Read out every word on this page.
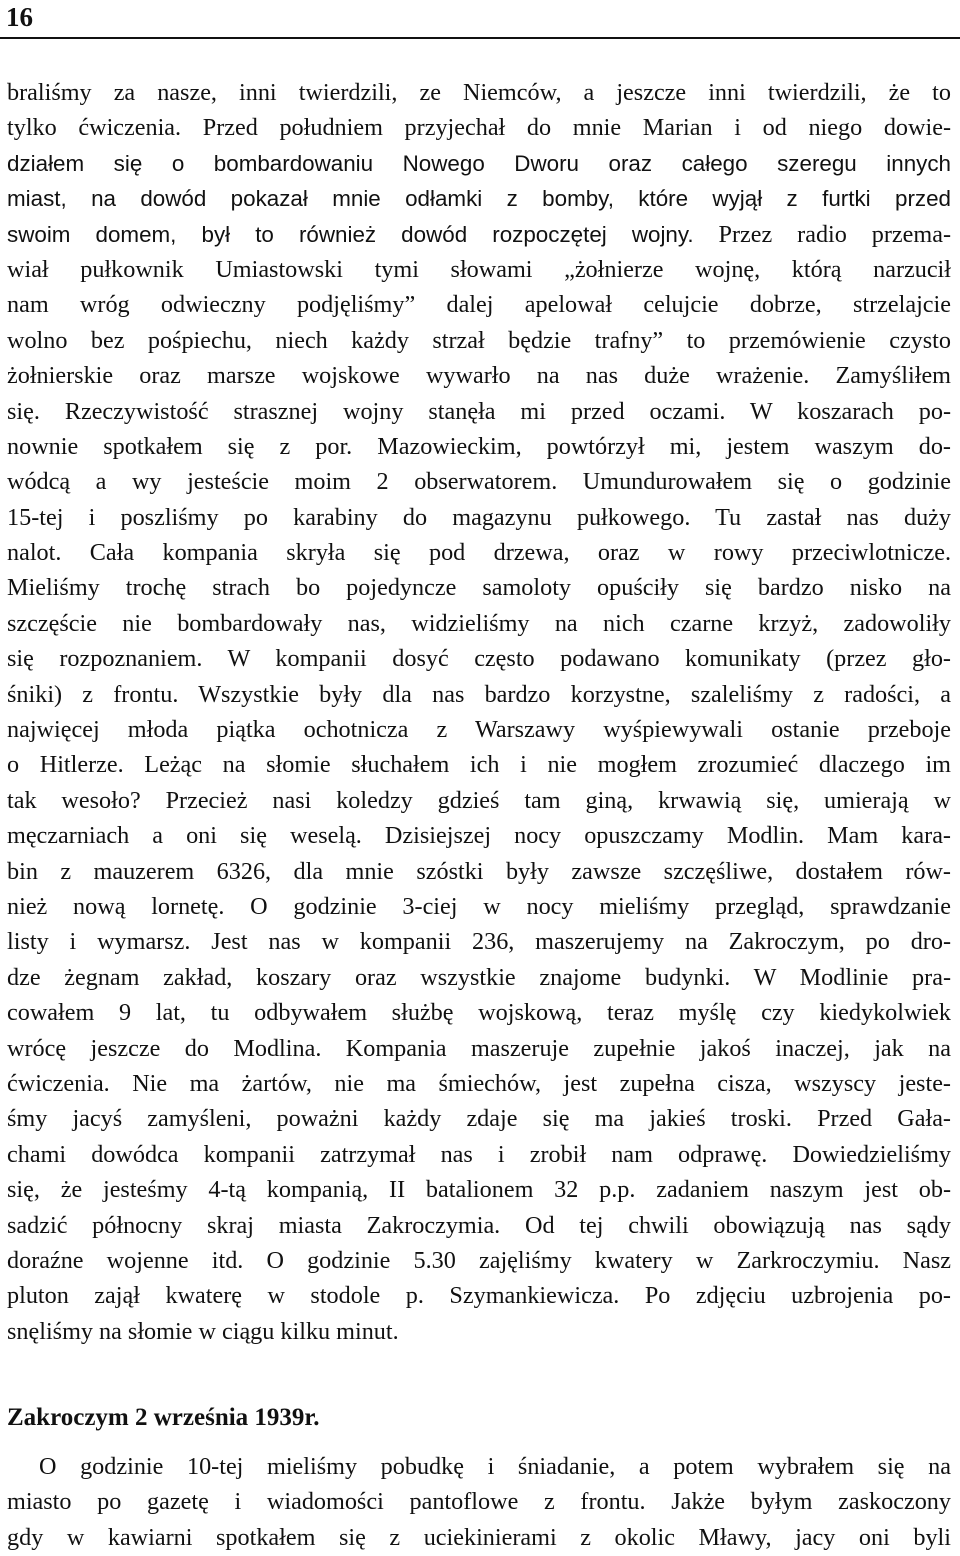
16
braliśmy za nasze, inni twierdzili, ze Niemców, a jeszcze inni twierdzili, że to
tylko ćwiczenia. Przed południem przyjechał do mnie Marian i od niego dowie-
działem się o bombardowaniu Nowego Dworu oraz całego szeregu innych
miast, na dowód pokazał mnie odłamki z bomby, które wyjął z furtki przed
swoim domem, był to również dowód rozpoczętej wojny. Przez radio przema-
wiał pułkownik Umiastowski tymi słowami „żołnierze wojnę, którą narzucił
nam wróg odwieczny podjęliśmy” dalej apelował celujcie dobrze, strzelajcie
wolno bez pośpiechu, niech każdy strzał będzie trafny” to przemówienie czysto
żołnierskie oraz marsze wojskowe wywarło na nas duże wrażenie. Zamyśliłem
się. Rzeczywistość strasznej wojny stanęła mi przed oczami. W koszarach po-
nownie spotkałem się z por. Mazowieckim, powtórzył mi, jestem waszym do-
wódcą a wy jesteście moim 2 obserwatorem. Umundurowałem się o godzinie
15-tej i poszliśmy po karabiny do magazynu pułkowego. Tu zastał nas duży
nalot. Cała kompania skryła się pod drzewa, oraz w rowy przeciwlotnicze.
Mieliśmy trochę strach bo pojedyncze samoloty opuściły się bardzo nisko na
szczęście nie bombardowały nas, widzieliśmy na nich czarne krzyż, zadowoliły
się rozpoznaniem. W kompanii dosyć często podawano komunikaty (przez gło-
śniki) z frontu. Wszystkie były dla nas bardzo korzystne, szaleliśmy z radości, a
najwięcej młoda piątka ochotnicza z Warszawy wyśpiewywali ostanie przeboje
o Hitlerze. Leżąc na słomie słuchałem ich i nie mogłem zrozumieć dlaczego im
tak wesoło? Przecież nasi koledzy gdzieś tam giną, krwawią się, umierają w
męczarniach a oni się weselą. Dzisiejszej nocy opuszczamy Modlin. Mam kara-
bin z mauzerem 6326, dla mnie szóstki były zawsze szczęśliwe, dostałem rów-
nież nową lornetę. O godzinie 3-ciej w nocy mieliśmy przegląd, sprawdzanie
listy i wymarsz. Jest nas w kompanii 236, maszerujemy na Zakroczym, po dro-
dze żegnam zakład, koszary oraz wszystkie znajome budynki. W Modlinie pra-
cowałem 9 lat, tu odbywałem służbę wojskową, teraz myślę czy kiedykolwiek
wrócę jeszcze do Modlina. Kompania maszeruje zupełnie jakoś inaczej, jak na
ćwiczenia. Nie ma żartów, nie ma śmiechów, jest zupełna cisza, wszyscy jeste-
śmy jacyś zamyśleni, poważni każdy zdaje się ma jakieś troski. Przed Gała-
chami dowódca kompanii zatrzymał nas i zrobił nam odprawę. Dowiedzieliśmy
się, że jesteśmy 4-tą kompanią, II batalionem 32 p.p. zadaniem naszym jest ob-
sadzić północny skraj miasta Zakroczymia. Od tej chwili obowiązują nas sądy
doraźne wojenne itd. O godzinie 5.30 zajęliśmy kwatery w Zarkroczymiu. Nasz
pluton zajął kwaterę w stodole p. Szymankiewicza. Po zdjęciu uzbrojenia po-
snęliśmy na słomie w ciągu kilku minut.
Zakroczym 2 września 1939r.
O godzinie 10-tej mieliśmy pobudkę i śniadanie, a potem wybrałem się na
miasto po gazetę i wiadomości pantoflowe z frontu. Jakże byłym zaskoczony
gdy w kawiarni spotkałem się z uciekinierami z okolic Mławy, jacy oni byli
